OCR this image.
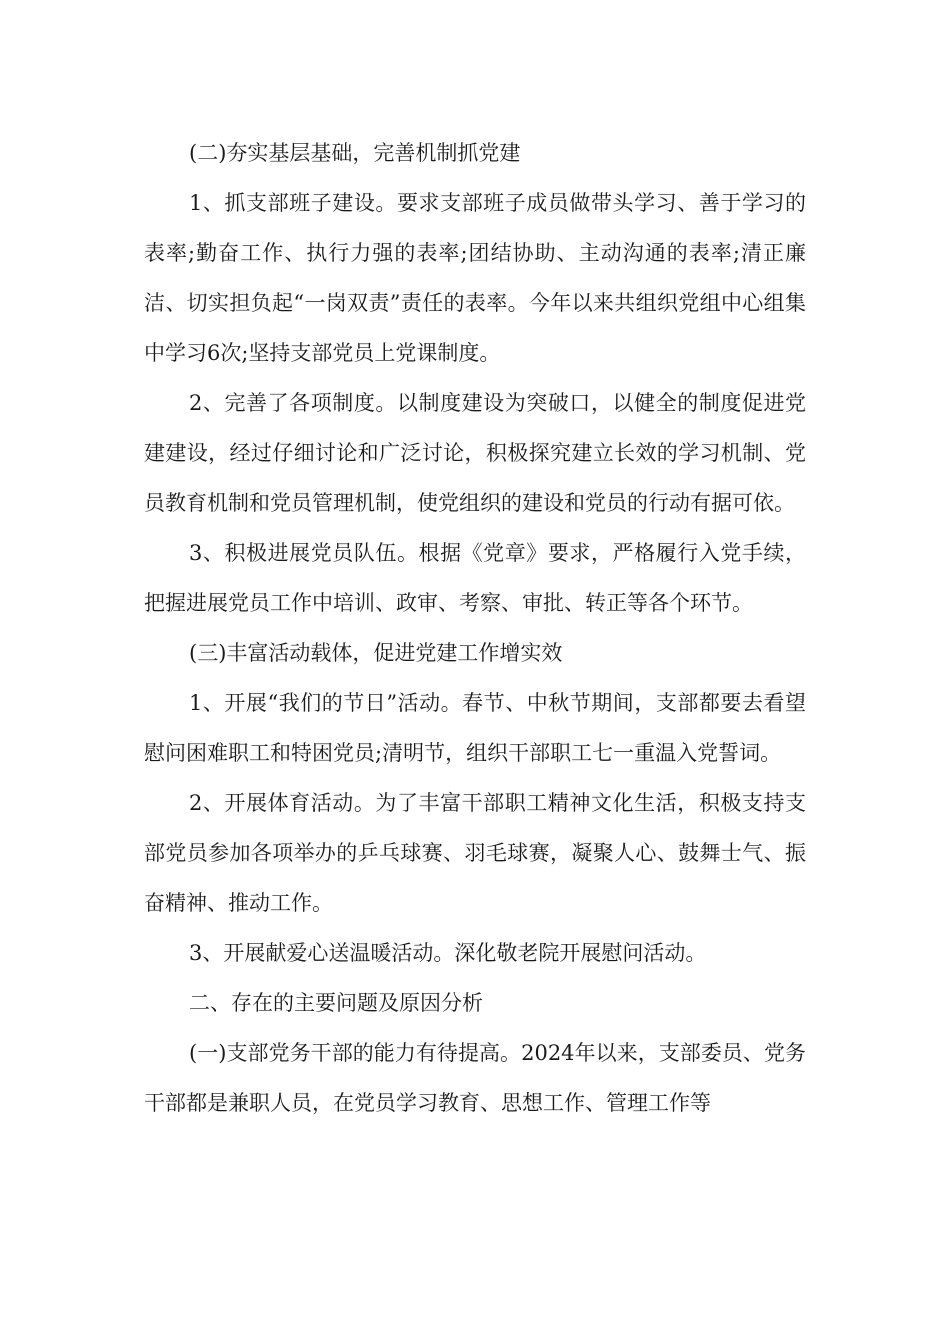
(二)夯实基层基础，完善机制抓党建

1、抓支部班子建设。要求支部班子成员做带头学习、善于学习的表率;勤奋工作、执行力强的表率;团结协助、主动沟通的表率;清正廉洁、切实担负起“一岗双责”责任的表率。今年以来共组织党组中心组集中学习6次;坚持支部党员上党课制度。

2、完善了各项制度。以制度建设为突破口，以健全的制度促进党建建设，经过仔细讨论和广泛讨论，积极探究建立长效的学习机制、党员教育机制和党员管理机制，使党组织的建设和党员的行动有据可依。

3、积极进展党员队伍。根据《党章》要求，严格履行入党手续，把握进展党员工作中培训、政审、考察、审批、转正等各个环节。

(三)丰富活动载体，促进党建工作增实效

1、开展“我们的节日”活动。春节、中秋节期间，支部都要去看望慰问困难职工和特困党员;清明节，组织干部职工七一重温入党誓词。

2、开展体育活动。为了丰富干部职工精神文化生活，积极支持支部党员参加各项举办的乒乓球赛、羽毛球赛，凝聚人心、鼓舞士气、振奋精神、推动工作。

3、开展献爱心送温暖活动。深化敬老院开展慰问活动。

二、存在的主要问题及原因分析

(一)支部党务干部的能力有待提高。2024年以来，支部委员、党务干部都是兼职人员，在党员学习教育、思想工作、管理工作等
